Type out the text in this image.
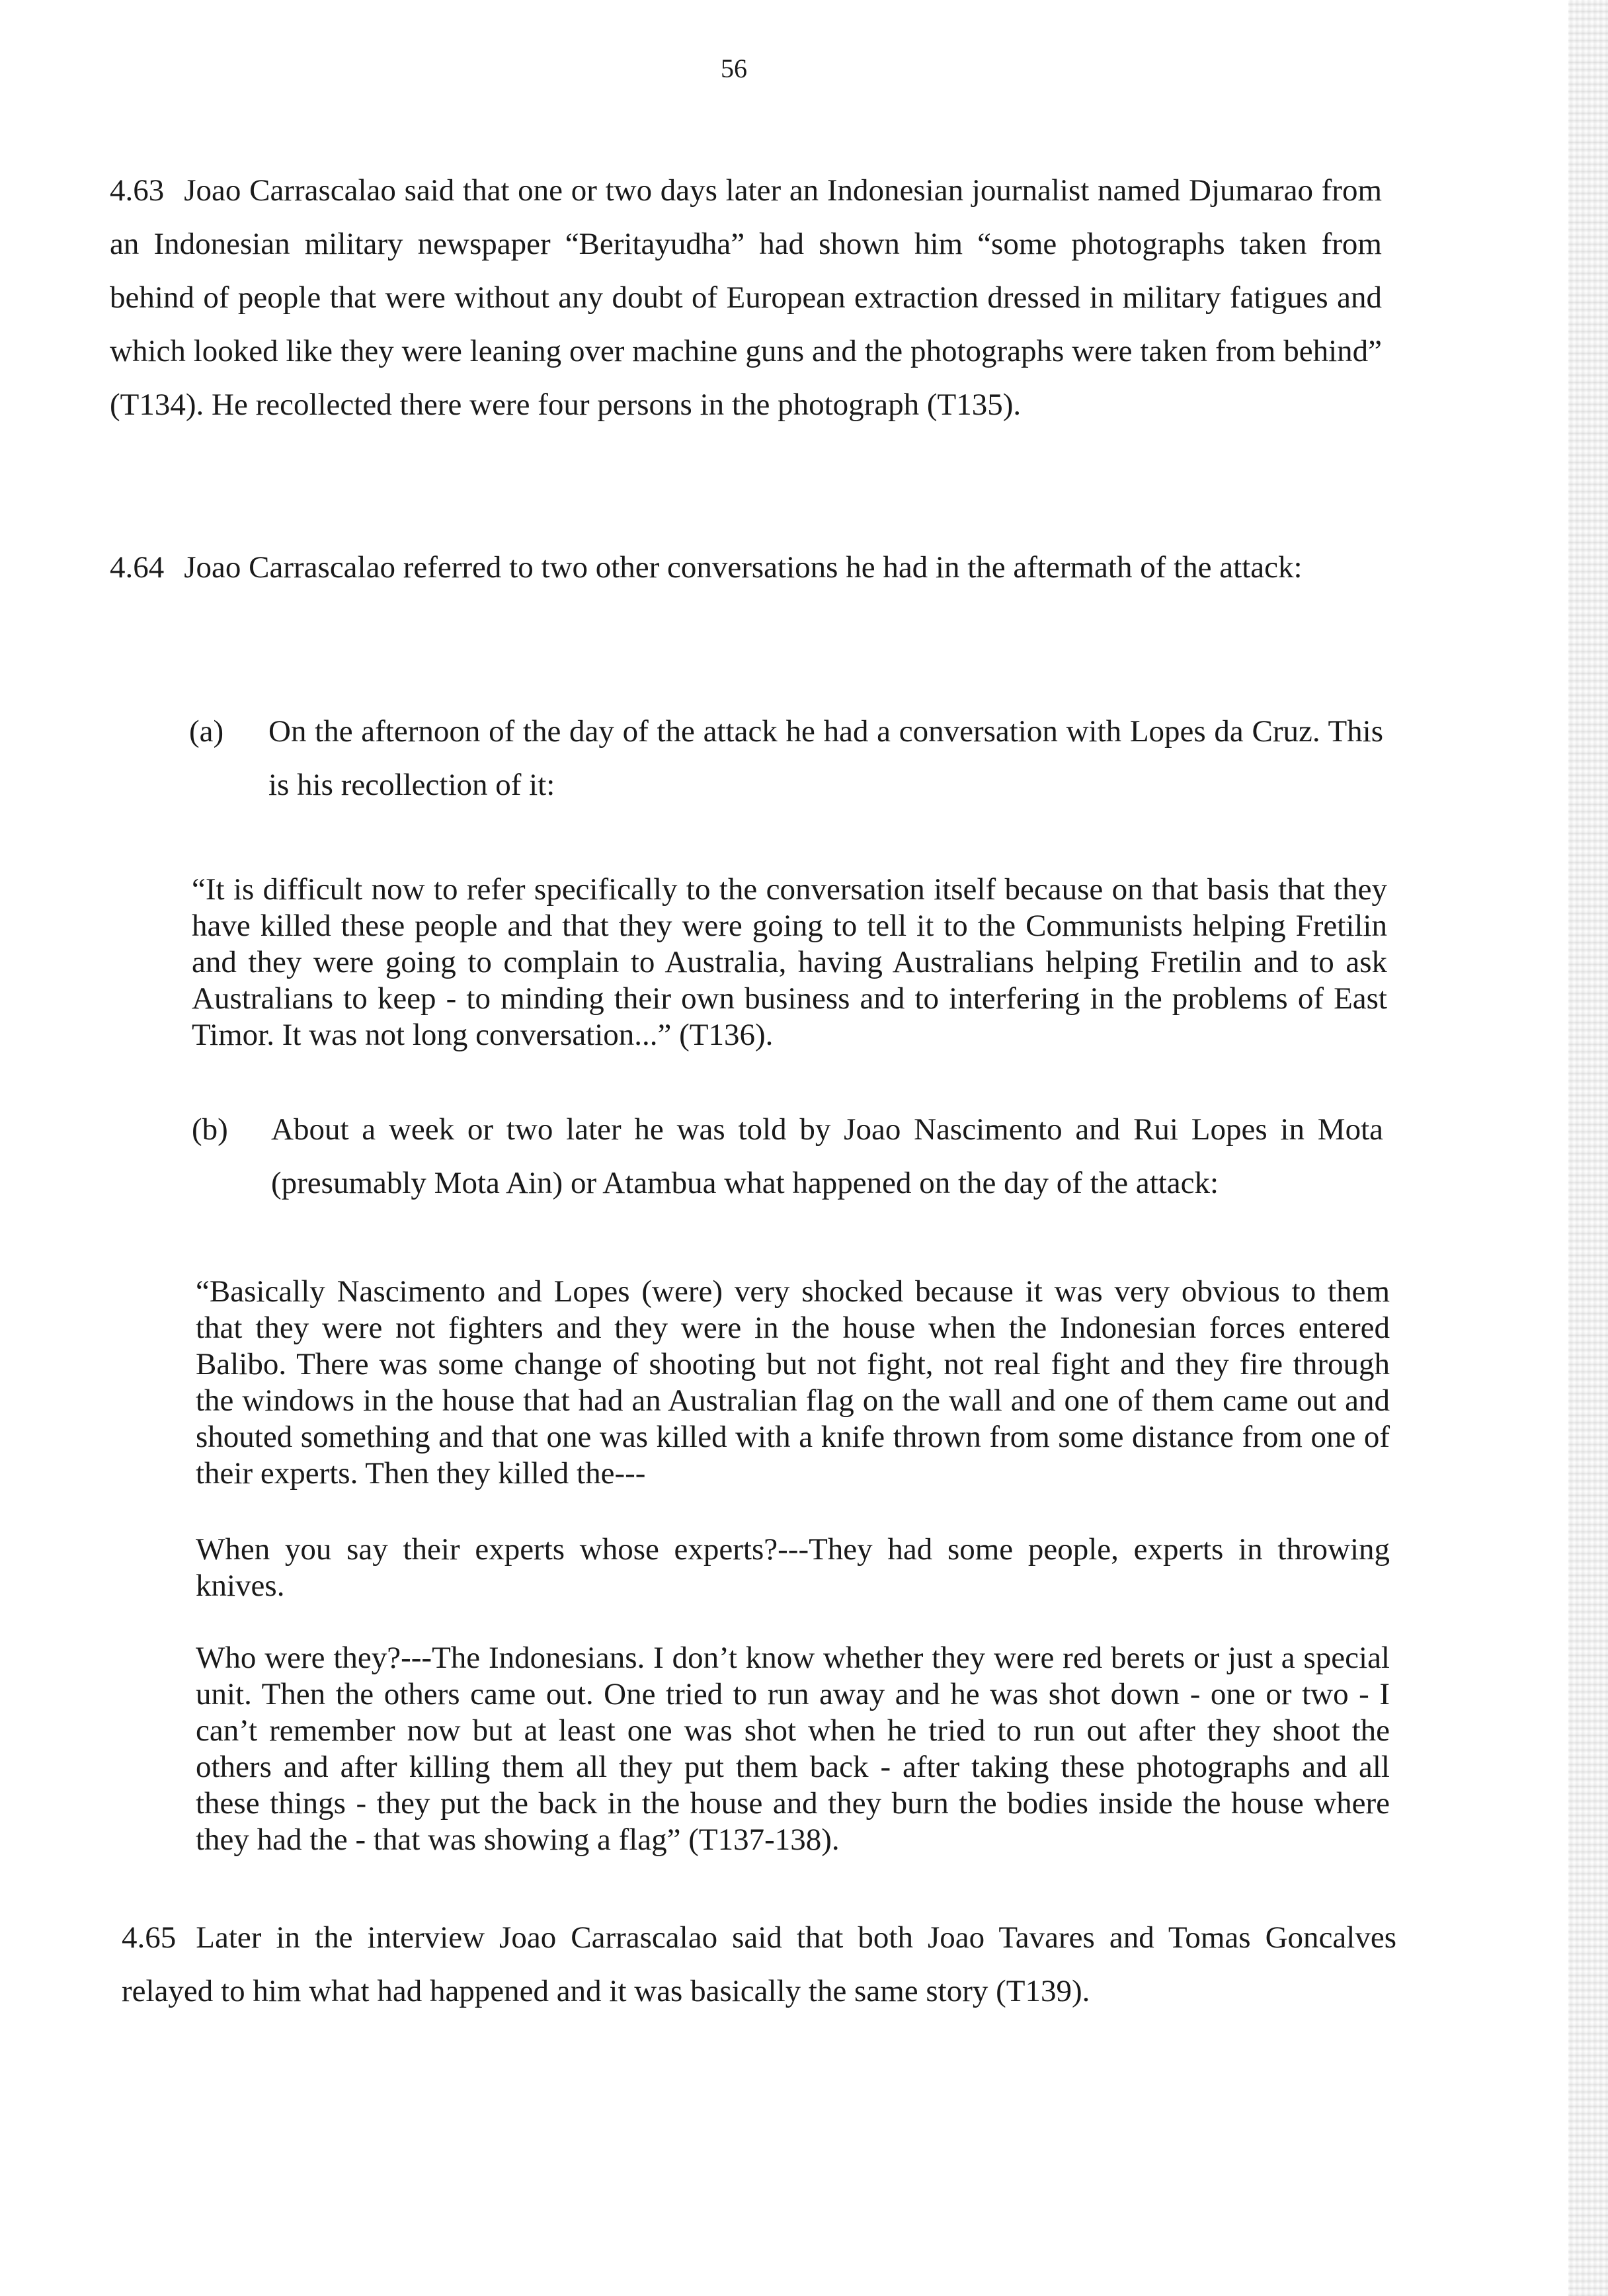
56

4.63 Joao Carrascalao said that one or two days later an Indonesian journalist named Djumarao from an Indonesian military newspaper “Beritayudha” had shown him “some photographs taken from behind of people that were without any doubt of European extraction dressed in military fatigues and which looked like they were leaning over machine guns and the photographs were taken from behind” (T134). He recollected there were four persons in the photograph (T135).

4.64 Joao Carrascalao referred to two other conversations he had in the aftermath of the attack:

(a) On the afternoon of the day of the attack he had a conversation with Lopes da Cruz. This is his recollection of it:

“It is difficult now to refer specifically to the conversation itself because on that basis that they have killed these people and that they were going to tell it to the Communists helping Fretilin and they were going to complain to Australia, having Australians helping Fretilin and to ask Australians to keep - to minding their own business and to interfering in the problems of East Timor. It was not long conversation...” (T136).

(b) About a week or two later he was told by Joao Nascimento and Rui Lopes in Mota (presumably Mota Ain) or Atambua what happened on the day of the attack:

“Basically Nascimento and Lopes (were) very shocked because it was very obvious to them that they were not fighters and they were in the house when the Indonesian forces entered Balibo. There was some change of shooting but not fight, not real fight and they fire through the windows in the house that had an Australian flag on the wall and one of them came out and shouted something and that one was killed with a knife thrown from some distance from one of their experts. Then they killed the---

When you say their experts whose experts?---They had some people, experts in throwing knives.

Who were they?---The Indonesians. I don’t know whether they were red berets or just a special unit. Then the others came out. One tried to run away and he was shot down - one or two - I can’t remember now but at least one was shot when he tried to run out after they shoot the others and after killing them all they put them back - after taking these photographs and all these things - they put the back in the house and they burn the bodies inside the house where they had the - that was showing a flag” (T137-138).

4.65 Later in the interview Joao Carrascalao said that both Joao Tavares and Tomas Goncalves relayed to him what had happened and it was basically the same story (T139).
